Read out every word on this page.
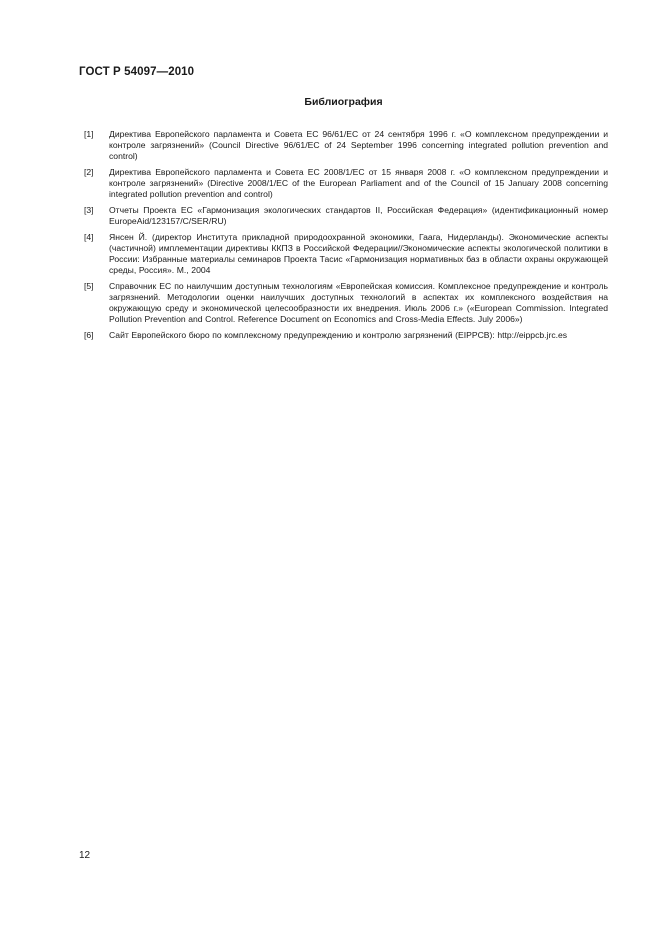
ГОСТ Р 54097—2010
Библиография
[1]	Директива Европейского парламента и Совета ЕС 96/61/ЕС от 24 сентября 1996 г. «О комплексном предупреждении и контроле загрязнений» (Council Directive 96/61/EC of 24 September 1996 concerning integrated pollution prevention and control)
[2]	Директива Европейского парламента и Совета ЕС 2008/1/ЕС от 15 января 2008 г. «О комплексном предупреждении и контроле загрязнений» (Directive 2008/1/EC of the European Parliament and of the Council of 15 January 2008 concerning integrated pollution prevention and control)
[3]	Отчеты Проекта ЕС «Гармонизация экологических стандартов II, Российская Федерация» (идентификационный номер EuropeAid/123157/C/SER/RU)
[4]	Янсен Й. (директор Института прикладной природоохранной экономики, Гаага, Нидерланды). Экономические аспекты (частичной) имплементации директивы ККПЗ в Российской Федерации//Экономические аспекты экологической политики в России: Избранные материалы семинаров Проекта Тасис «Гармонизация нормативных баз в области охраны окружающей среды, Россия». М., 2004
[5]	Справочник ЕС по наилучшим доступным технологиям «Европейская комиссия. Комплексное предупреждение и контроль загрязнений. Методологии оценки наилучших доступных технологий в аспектах их комплексного воздействия на окружающую среду и экономической целесообразности их внедрения. Июль 2006 г.» («European Commission. Integrated Pollution Prevention and Control. Reference Document on Economics and Cross-Media Effects. July 2006»)
[6]	Сайт Европейского бюро по комплексному предупреждению и контролю загрязнений (EIPPCB): http://eippcb.jrc.es
12
